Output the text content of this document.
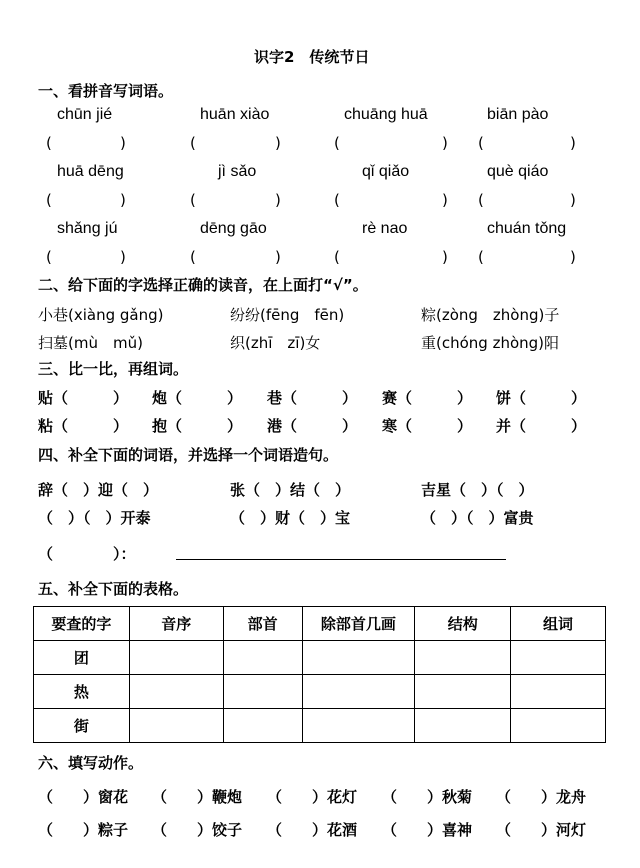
识字2　传统节日
一、看拼音写词语。
chūn jié	huān xiào	chuāng huā	biān pào
huā dēng	jì sǎo	qǐ qiǎo	què qiáo
shǎng jú	dēng gāo	rè nao	chuán tǒng
(	)	(	)	(	) (	)
(	)	(	)	(	) (	)
(	)	(	)	(	) (	)
二、给下面的字选择正确的读音，在上面打“√”。
小巷(xiàng gǎng)	纷纷(fēng　fēn)	粽(zòng　zhòng)子
扫墓(mù　mǔ)	织(zhī　zī)女	重(chóng zhòng)阳
三、比一比，再组词。
贴（　　　） 炮（　　　） 巷（　　　） 赛（　　　） 饼（　　　）
粘（　　　） 抱（　　　） 港（　　　） 寒（　　　） 并（　　　）
四、补全下面的词语，并选择一个词语造句。
辞（　）迎（　）	张（　）结（　）	吉星（　）（　）
（　）（　）开泰	（　）财（　）宝	（　）（　）富贵
（　　　　）：
五、补全下面的表格。
要查的字	音序	部首	除部首几画	结构	组词
团					
热					
街					
六、填写动作。
（　　）窗花 （　　）鞭炮 （　　）花灯 （　　）秋菊 （　　）龙舟
（　　）粽子 （　　）饺子 （　　）花酒 （　　）喜神 （　　）河灯
